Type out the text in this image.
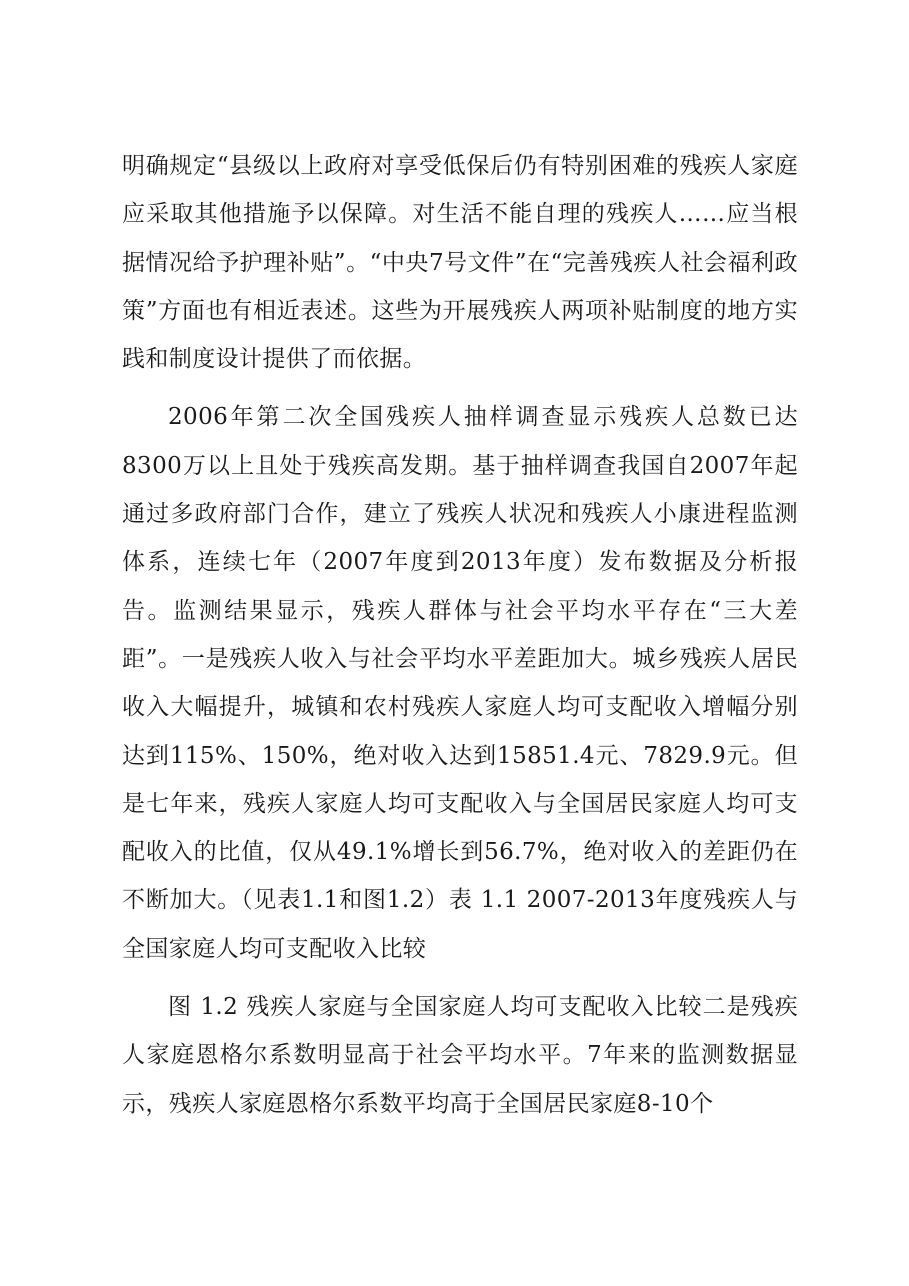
明确规定“县级以上政府对享受低保后仍有特别困难的残疾人家庭应采取其他措施予以保障。对生活不能自理的残疾人……应当根据情况给予护理补贴”。“中央7号文件”在“完善残疾人社会福利政策”方面也有相近表述。这些为开展残疾人两项补贴制度的地方实践和制度设计提供了而依据。

2006年第二次全国残疾人抽样调查显示残疾人总数已达8300万以上且处于残疾高发期。基于抽样调查我国自2007年起通过多政府部门合作，建立了残疾人状况和残疾人小康进程监测体系，连续七年（2007年度到2013年度）发布数据及分析报告。监测结果显示，残疾人群体与社会平均水平存在“三大差距”。一是残疾人收入与社会平均水平差距加大。城乡残疾人居民收入大幅提升，城镇和农村残疾人家庭人均可支配收入增幅分别达到115%、150%，绝对收入达到15851.4元、7829.9元。但是七年来，残疾人家庭人均可支配收入与全国居民家庭人均可支配收入的比值，仅从49.1%增长到56.7%，绝对收入的差距仍在不断加大。（见表1.1和图1.2）表 1.1 2007-2013年度残疾人与全国家庭人均可支配收入比较

图 1.2 残疾人家庭与全国家庭人均可支配收入比较二是残疾人家庭恩格尔系数明显高于社会平均水平。7年来的监测数据显示，残疾人家庭恩格尔系数平均高于全国居民家庭8-10个
